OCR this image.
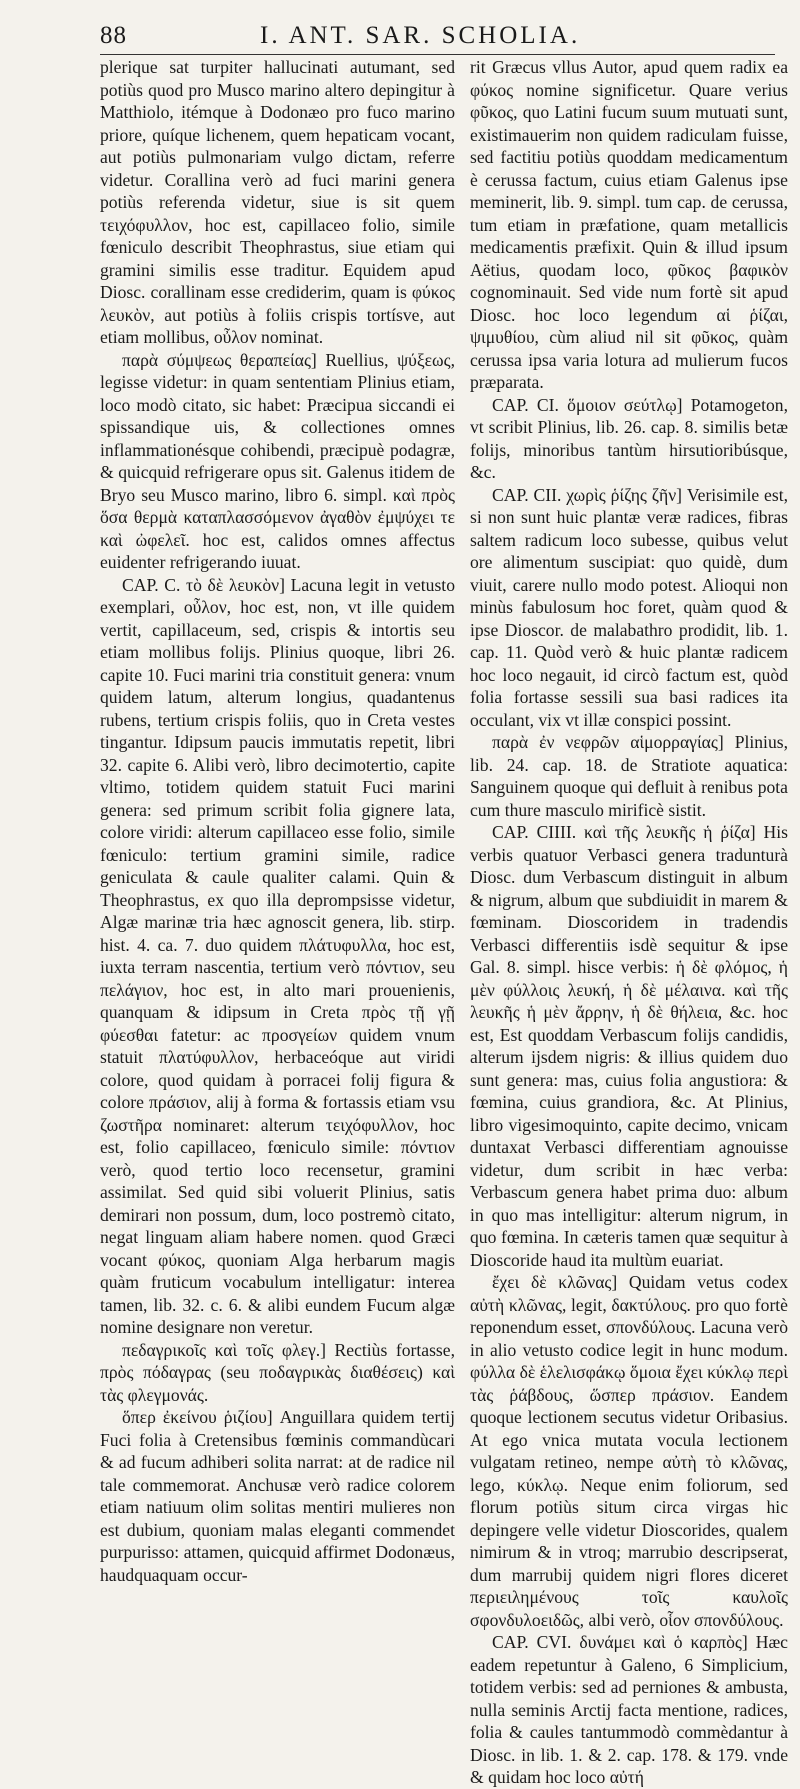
88	I. ANT. SAR. SCHOLIA.

plerique sat turpiter hallucinati autumant, sed potiùs quod pro Musco marino altero depingitur à Matthiolo, itémque à Dodonæo pro fuco marino priore, quíque lichenem, quem hepaticam vocant, aut potiùs pulmonariam vulgo dictam, referre videtur. Corallina verò ad fuci marini genera potiùs referenda videtur, siue is sit quem τειχόφυλλον, hoc est, capillaceo folio, simile fœniculo describit Theophrastus, siue etiam qui gramini similis esse traditur. Equidem apud Diosc. corallinam esse crediderim, quam is φύκος λευκὸν, aut potiùs à foliis crispis tortísve, aut etiam mollibus, οὖλον nominat.

παρὰ σύμψεως θεραπείας] Ruellius, ψύξεως, legisse videtur: in quam sententiam Plinius etiam, loco modò citato, sic habet: Præcipua siccandi ei spissandique uis, & collectiones omnes inflammationésque cohibendi, præcipuè podagræ, & quicquid refrigerare opus sit. Galenus itidem de Bryo seu Musco marino, libro 6. simpl. καὶ πρὸς ὅσα θερμὰ καταπλασσόμενον ἀγαθὸν ἐμψύχει τε καὶ ὠφελεῖ. hoc est, calidos omnes affectus euidenter refrigerando iuuat.

CAP. C. τὸ δὲ λευκὸν] Lacuna legit in vetusto exemplari, οὖλον, hoc est, non, vt ille quidem vertit, capillaceum, sed, crispis & intortis seu etiam mollibus folijs. Plinius quoque, libri 26. capite 10. Fuci marini tria constituit genera: vnum quidem latum, alterum longius, quadantenus rubens, tertium crispis foliis, quo in Creta vestes tingantur. Idipsum paucis immutatis repetit, libri 32. capite 6. Alibi verò, libro decimotertio, capite vltimo, totidem quidem statuit Fuci marini genera: sed primum scribit folia gignere lata, colore viridi: alterum capillaceo esse folio, simile fœniculo: tertium gramini simile, radice geniculata & caule qualiter calami. Quin & Theophrastus, ex quo illa deprompsisse videtur, Algæ marinæ tria hæc agnoscit genera, lib. stirp. hist. 4. ca. 7. duo quidem πλάτυφυλλα, hoc est, iuxta terram nascentia, tertium verò πόντιον, seu πελάγιον, hoc est, in alto mari prouenienis, quanquam & idipsum in Creta πρὸς τῇ γῇ φύεσθαι fatetur: ac προσγείων quidem vnum statuit πλατύφυλλον, herbaceóque aut viridi colore, quod quidam à porracei folij figura & colore πράσιον, alij à forma & fortassis etiam vsu ζωστῆρα nominaret: alterum τειχόφυλλον, hoc est, folio capillaceo, fœniculo simile: πόντιον verò, quod tertio loco recensetur, gramini assimilat. Sed quid sibi voluerit Plinius, satis demirari non possum, dum, loco postremò citato, negat linguam aliam habere nomen. quod Græci vocant φύκος, quoniam Alga herbarum magis quàm fruticum vocabulum intelligatur: interea tamen, lib. 32. c. 6. & alibi eundem Fucum algæ nomine designare non veretur.

πεδαγρικοῖς καὶ τοῖς φλεγ.] Rectiùs fortasse, πρὸς πόδαγρας (seu ποδαγρικὰς διαθέσεις) καὶ τὰς φλεγμονάς.

ὅπερ ἐκείνου ῥιζίου] Anguillara quidem tertij Fuci folia à Cretensibus fœminis commandùcari & ad fucum adhiberi solita narrat: at de radice nil tale commemorat. Anchusæ verò radice colorem etiam natiuum olim solitas mentiri mulieres non est dubium, quoniam malas eleganti commendet purpurisso: attamen, quicquid affirmet Dodonæus, haudquaquam occur-

rit Græcus vllus Autor, apud quem radix ea φύκος nomine significetur. Quare verius φῦκος, quo Latini fucum suum mutuati sunt, existimauerim non quidem radiculam fuisse, sed factitiu potiùs quoddam medicamentum è cerussa factum, cuius etiam Galenus ipse meminerit, lib. 9. simpl. tum cap. de cerussa, tum etiam in præfatione, quam metallicis medicamentis præfixit. Quin & illud ipsum Aëtius, quodam loco, φῦκος βαφικὸν cognominauit. Sed vide num fortè sit apud Diosc. hoc loco legendum αἱ ῥίζαι, ψιμυθίου, cùm aliud nil sit φῦκος, quàm cerussa ipsa varia lotura ad mulierum fucos præparata.

CAP. CI. ὅμοιον σεύτλῳ] Potamogeton, vt scribit Plinius, lib. 26. cap. 8. similis betæ folijs, minoribus tantùm hirsutioribúsque, &c.

CAP. CII. χωρὶς ῥίζης ζῆν] Verisimile est, si non sunt huic plantæ veræ radices, fibras saltem radicum loco subesse, quibus velut ore alimentum suscipiat: quo quidè, dum viuit, carere nullo modo potest. Alioqui non minùs fabulosum hoc foret, quàm quod & ipse Dioscor. de malabathro prodidit, lib. 1. cap. 11. Quòd verò & huic plantæ radicem hoc loco negauit, id circò factum est, quòd folia fortasse sessili sua basi radices ita occulant, vix vt illæ conspici possint.

παρὰ ἐν νεφρῶν αἱμορραγίας] Plinius, lib. 24. cap. 18. de Stratiote aquatica: Sanguinem quoque qui defluit à renibus pota cum thure masculo mirificè sistit.

CAP. CIIII. καὶ τῆς λευκῆς ἡ ῥίζα] His verbis quatuor Verbasci genera tradunturà Diosc. dum Verbascum distinguit in album & nigrum, album que subdiuidit in marem & fœminam. Dioscoridem in tradendis Verbasci differentiis isdè sequitur & ipse Gal. 8. simpl. hisce verbis: ἡ δὲ φλόμος, ἡ μὲν φύλλοις λευκή, ἡ δὲ μέλαινα. καὶ τῆς λευκῆς ἡ μὲν ἄρρην, ἡ δὲ θήλεια, &c. hoc est, Est quoddam Verbascum folijs candidis, alterum ijsdem nigris: & illius quidem duo sunt genera: mas, cuius folia angustiora: & fœmina, cuius grandiora, &c. At Plinius, libro vigesimoquinto, capite decimo, vnicam duntaxat Verbasci differentiam agnouisse videtur, dum scribit in hæc verba: Verbascum genera habet prima duo: album in quo mas intelligitur: alterum nigrum, in quo fœmina. In cæteris tamen quæ sequitur à Dioscoride haud ita multùm euariat.

ἔχει δὲ κλῶνας] Quidam vetus codex αὐτὴ κλῶνας, legit, δακτύλους. pro quo fortè reponendum esset, σπονδύλους. Lacuna verò in alio vetusto codice legit in hunc modum. φύλλα δὲ ἑλελισφάκῳ ὅμοια ἔχει κύκλῳ περὶ τὰς ῥάβδους, ὥσπερ πράσιον. Eandem quoque lectionem secutus videtur Oribasius. At ego vnica mutata vocula lectionem vulgatam retineo, nempe αὐτὴ τὸ κλῶνας, lego, κύκλῳ. Neque enim foliorum, sed florum potiùs situm circa virgas hic depingere velle videtur Dioscorides, qualem nimirum & in vtroq; marrubio descripserat, dum marrubij quidem nigri flores diceret περιειλημένους τοῖς καυλοῖς σφονδυλοειδῶς, albi verò, οἷον σπονδύλους.

CAP. CVI. δυνάμει καὶ ὁ καρπὸς] Hæc eadem repetuntur à Galeno, 6 Simplicium, totidem verbis: sed ad perniones & ambusta, nulla seminis Arctij facta mentione, radices, folia & caules tantummodò commèdantur à Diosc. in lib. 1. & 2. cap. 178. & 179. vnde & quidam hoc loco αὐτή
